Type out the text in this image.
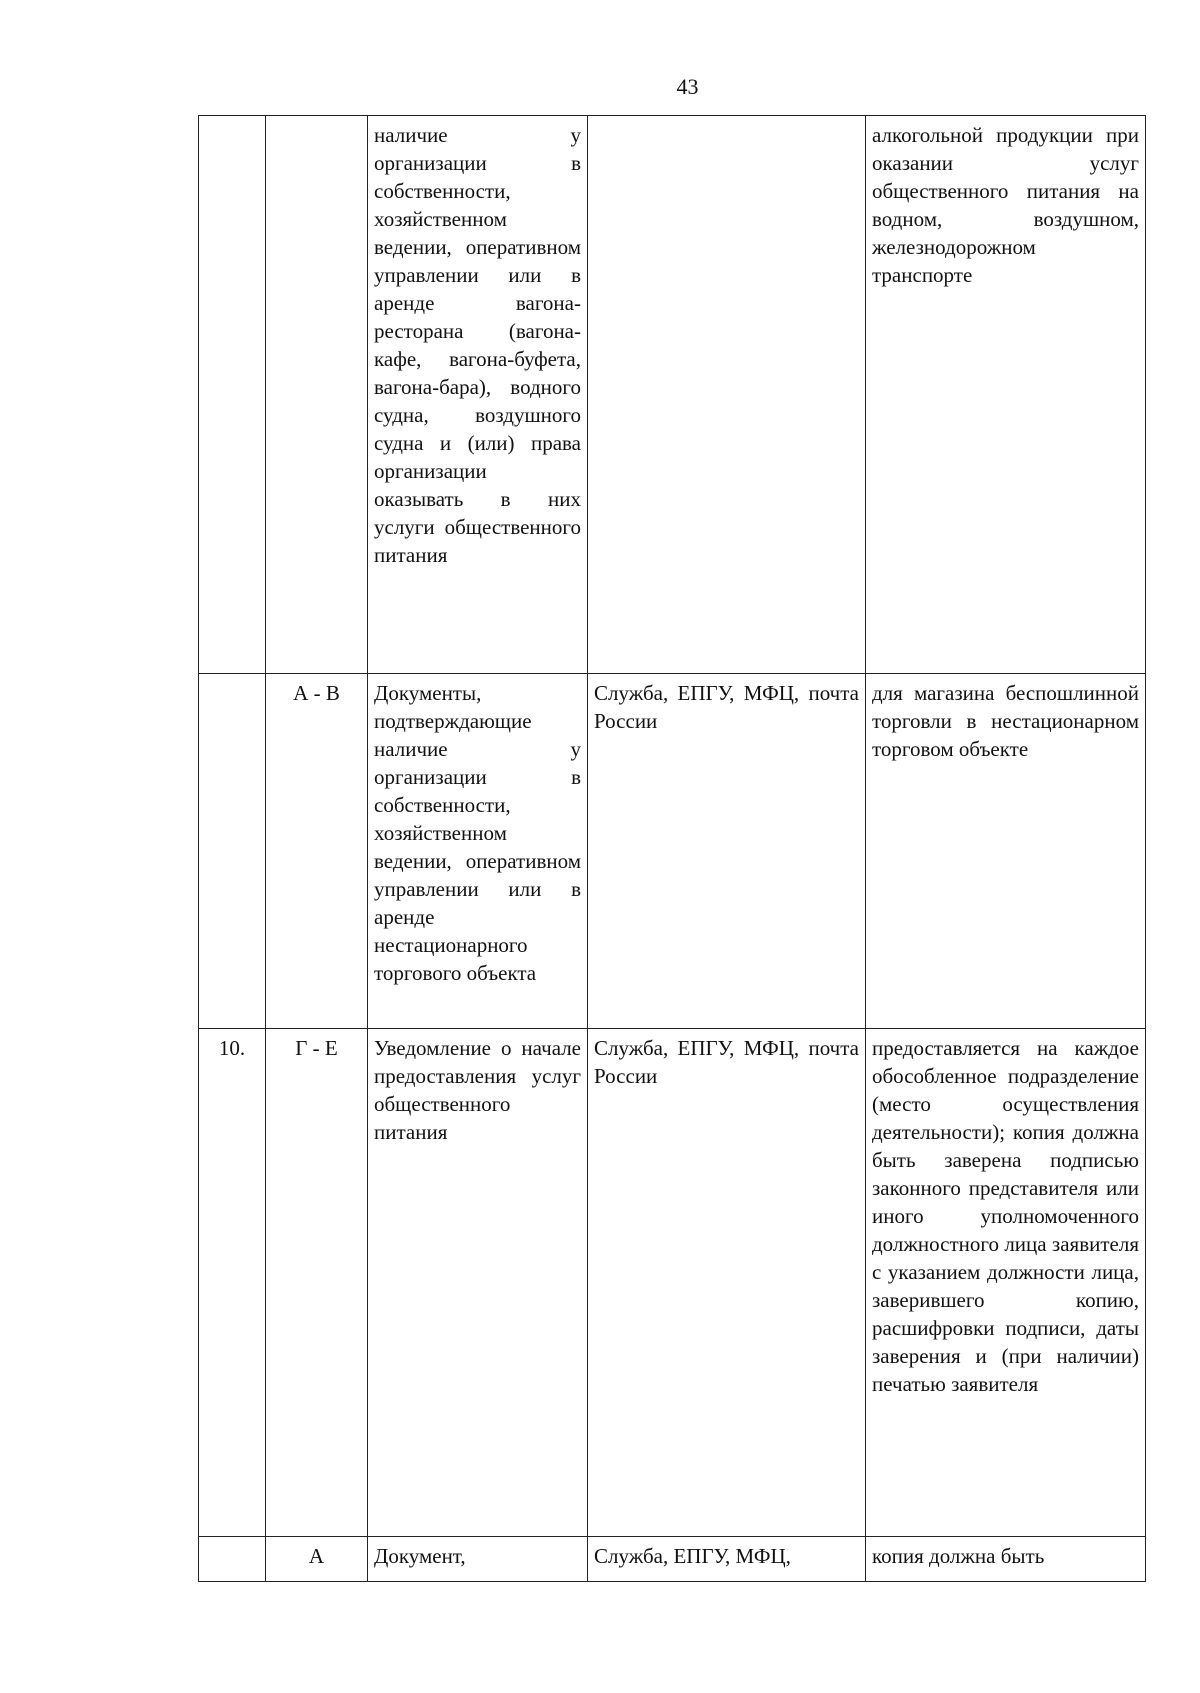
43
		наличие у организации в собственности, хозяйственном ведении, оперативном управлении или в аренде вагона-ресторана (вагона-кафе, вагона-буфета, вагона-бара), водного судна, воздушного судна и (или) права организации оказывать в них услуги общественного питания		алкогольной продукции при оказании услуг общественного питания на водном, воздушном, железнодорожном транспорте
	А - В	Документы, подтверждающие наличие у организации в собственности, хозяйственном ведении, оперативном управлении или в аренде нестационарного торгового объекта	Служба, ЕПГУ, МФЦ, почта России	для магазина беспошлинной торговли в нестационарном торговом объекте
10.	Г - Е	Уведомление о начале предоставления услуг общественного питания	Служба, ЕПГУ, МФЦ, почта России	предоставляется на каждое обособленное подразделение (место осуществления деятельности); копия должна быть заверена подписью законного представителя или иного уполномоченного должностного лица заявителя с указанием должности лица, заверившего копию, расшифровки подписи, даты заверения и (при наличии) печатью заявителя
	А	Документ,	Служба, ЕПГУ, МФЦ,	копия должна быть
